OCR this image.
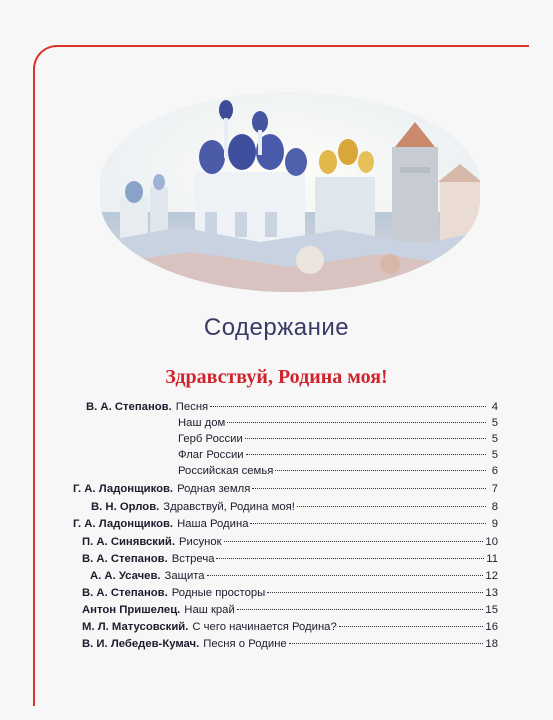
Содержание
Здравствуй, Родина моя!
В. А. Степанов. Песня	4
Наш дом	5
Герб России	5
Флаг России	5
Российская семья	6
Г. А. Ладонщиков. Родная земля	7
В. Н. Орлов. Здравствуй, Родина моя!	8
Г. А. Ладонщиков. Наша Родина	9
П. А. Синявский. Рисунок	10
В. А. Степанов. Встреча	11
А. А. Усачев. Защита	12
В. А. Степанов. Родные просторы	13
Антон Пришелец. Наш край	15
М. Л. Матусовский. С чего начинается Родина?	16
В. И. Лебедев-Кумач. Песня о Родине	18
